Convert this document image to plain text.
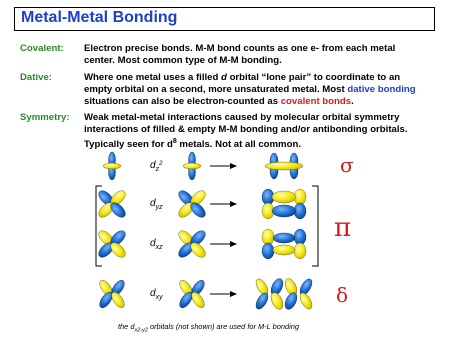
Metal-Metal Bonding
Covalent:	Electron precise bonds. M-M bond counts as one e- from each metal
center. Most common type of M-M bonding.
Dative:	Where one metal uses a filled d orbital “lone pair” to coordinate to an
empty orbital on a second, more unsaturated metal. Most dative bonding
situations can also be electron-counted as covalent bonds.
Symmetry:	Weak metal-metal interactions caused by molecular orbital symmetry
interactions of filled & empty M-M bonding and/or antibonding orbitals.
Typically seen for $d^8$ metals. Not at all common.
$d_z^2$	σ
$d_{yz}$
$d_{xz}$
π
$d_{xy}$	δ
the $d_{x2-y2}$ orbitals (not shown) are used for M-L bonding
